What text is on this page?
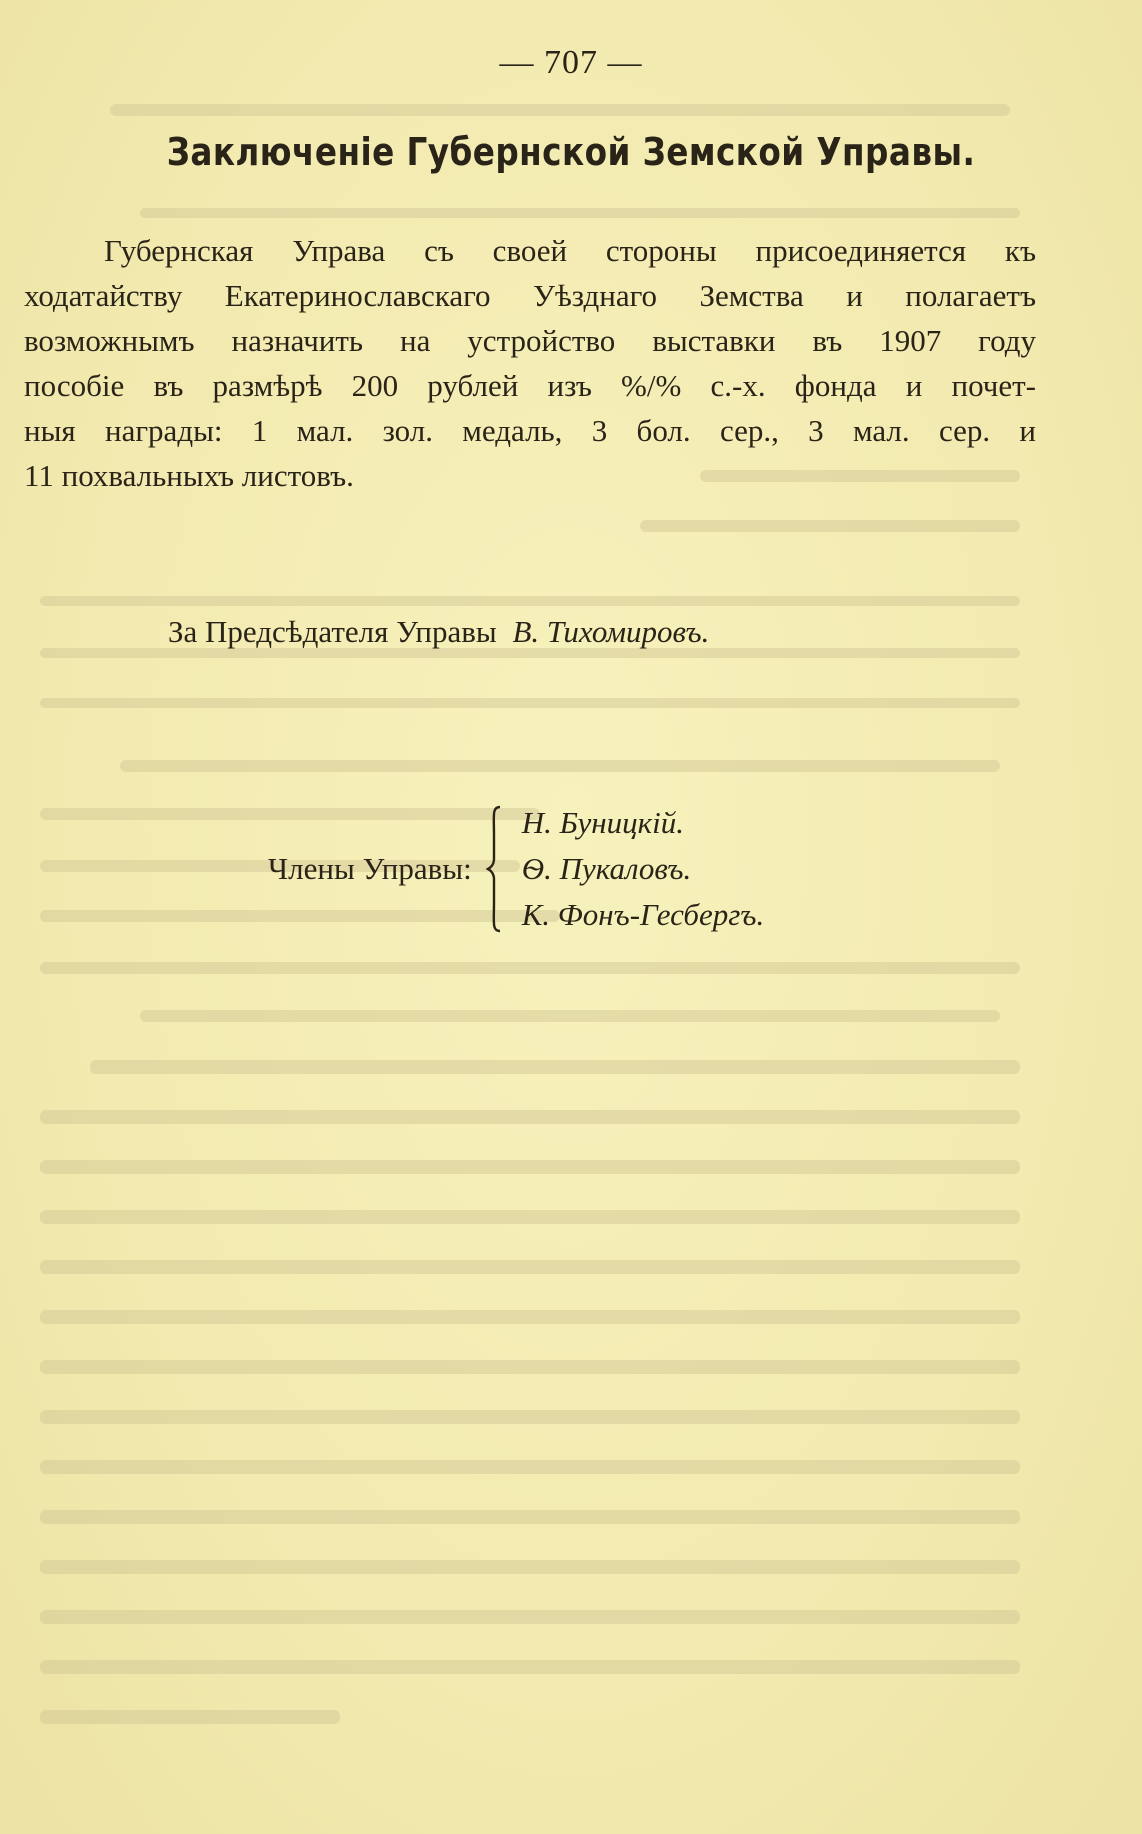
— 707 —
Заключеніе Губернской Земской Управы.
Губернская Управа съ своей стороны присоединяется къ
ходатайству Екатеринославскаго Уѣзднаго Земства и полагаетъ
возможнымъ назначить на устройство выставки въ 1907 году
пособіе въ размѣрѣ 200 рублей изъ %/% с.-х. фонда и почет-
ныя награды: 1 мал. зол. медаль, 3 бол. сер., 3 мал. сер. и
11 похвальныхъ листовъ.
За Предсѣдателя Управы В. Тихомировъ.
Члены Управы:
Н. Буницкій.
Ѳ. Пукаловъ.
К. Фонъ-Гесбергъ.
